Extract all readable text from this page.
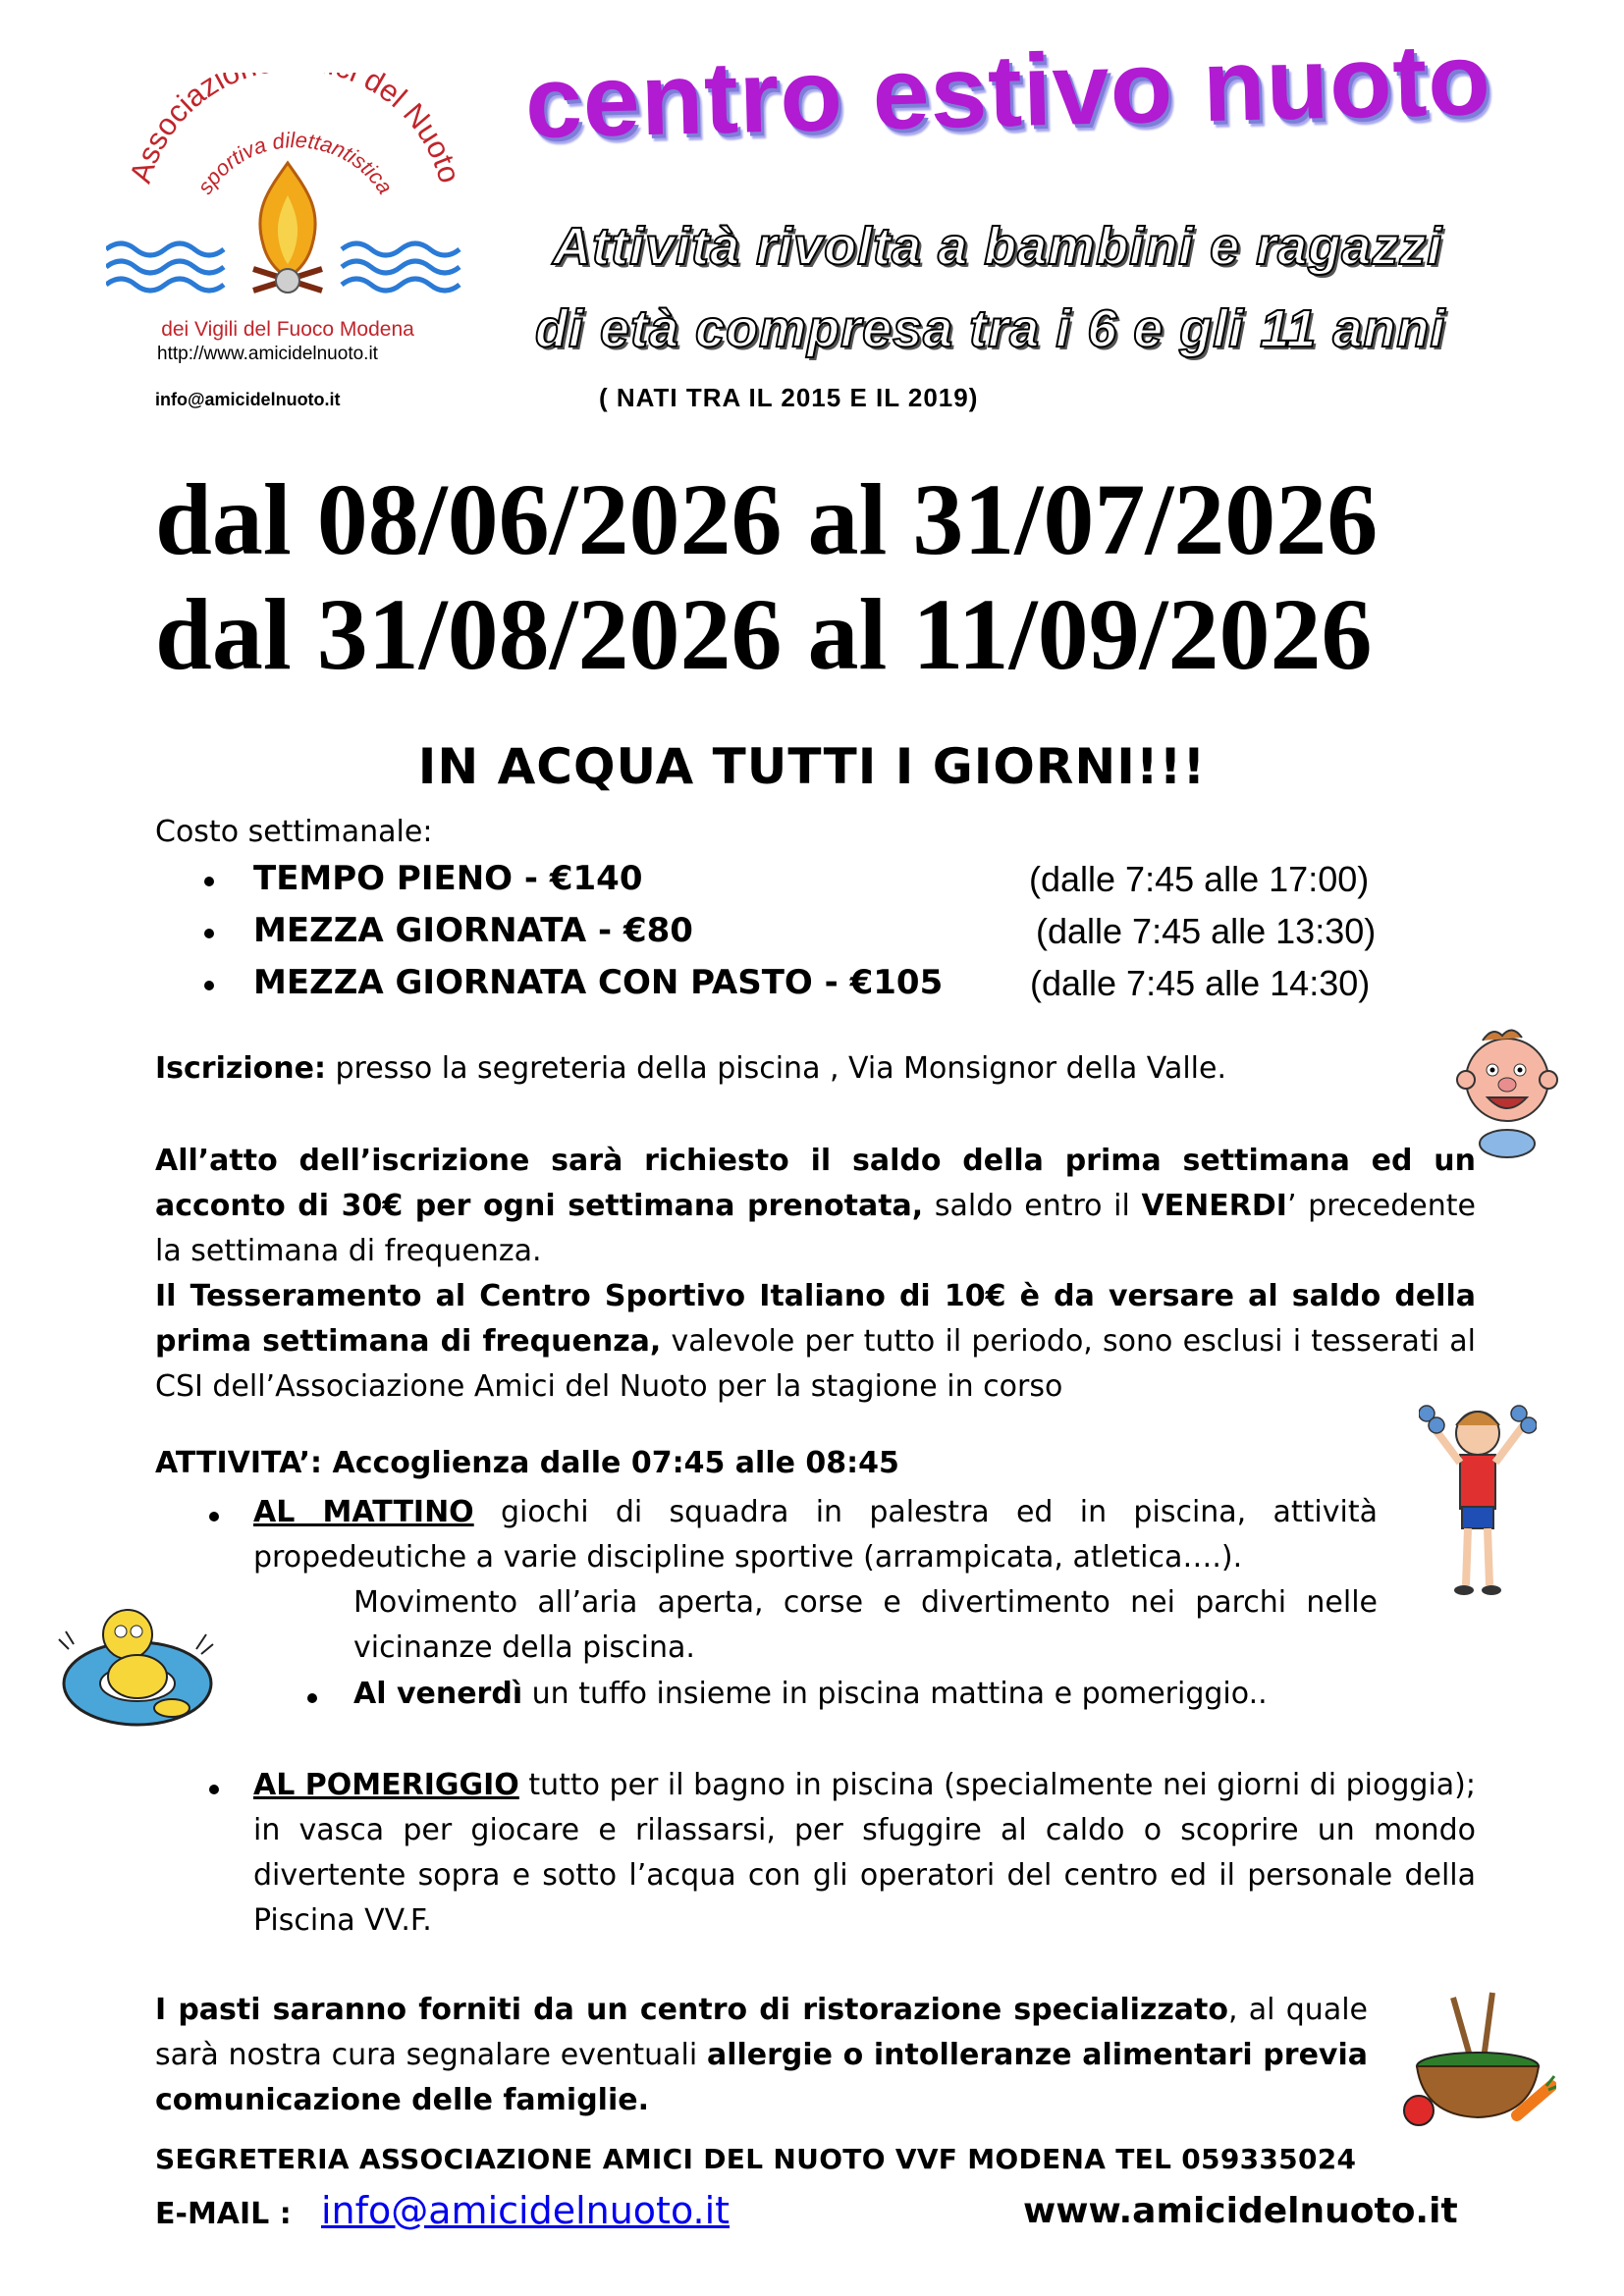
Associazio del Nuoto
sportiva dilettantistica
dei Vigili del Fuoco Modena
http://www.amicidelnuoto.it
info@amicidelnuoto.it
centro estivo nuoto
Attività rivolta a bambini e ragazzi
di età compresa tra i 6 e gli 11 anni
( NATI TRA IL 2015 E IL 2019)
dal 08/06/2026 al 31/07/2026
dal 31/08/2026 al 11/09/2026
IN ACQUA TUTTI I GIORNI!!!
Costo settimanale:
TEMPO PIENO - €140	(dalle 7:45 alle 17:00)
MEZZA GIORNATA - €80	(dalle 7:45 alle 13:30)
MEZZA GIORNATA CON PASTO - €105 (dalle 7:45 alle 14:30)
Iscrizione: presso la segreteria della piscina , Via Monsignor della Valle.
All’atto dell’iscrizione sarà richiesto il saldo della prima settimana ed un acconto di 30€ per ogni settimana prenotata, saldo entro il VENERDI’ precedente la settimana di frequenza.
Il Tesseramento al Centro Sportivo Italiano di 10€ è da versare al saldo della prima settimana di frequenza, valevole per tutto il periodo, sono esclusi i tesserati al CSI dell’Associazione Amici del Nuoto per la stagione in corso
ATTIVITA’: Accoglienza dalle 07:45 alle 08:45
AL MATTINO giochi di squadra in palestra ed in piscina, attività propedeutiche a varie discipline sportive (arrampicata, atletica….).
Movimento all’aria aperta, corse e divertimento nei parchi nelle vicinanze della piscina.
Al venerdì un tuffo insieme in piscina mattina e pomeriggio..
AL POMERIGGIO tutto per il bagno in piscina (specialmente nei giorni di pioggia); in vasca per giocare e rilassarsi, per sfuggire al caldo o scoprire un mondo divertente sopra e sotto l’acqua con gli operatori del centro ed il personale della Piscina VV.F.
I pasti saranno forniti da un centro di ristorazione specializzato, al quale sarà nostra cura segnalare eventuali allergie o intolleranze alimentari previa comunicazione delle famiglie.
SEGRETERIA ASSOCIAZIONE AMICI DEL NUOTO VVF MODENA TEL 059335024
E-MAIL : info@amicidelnuoto.it	www.amicidelnuoto.it
